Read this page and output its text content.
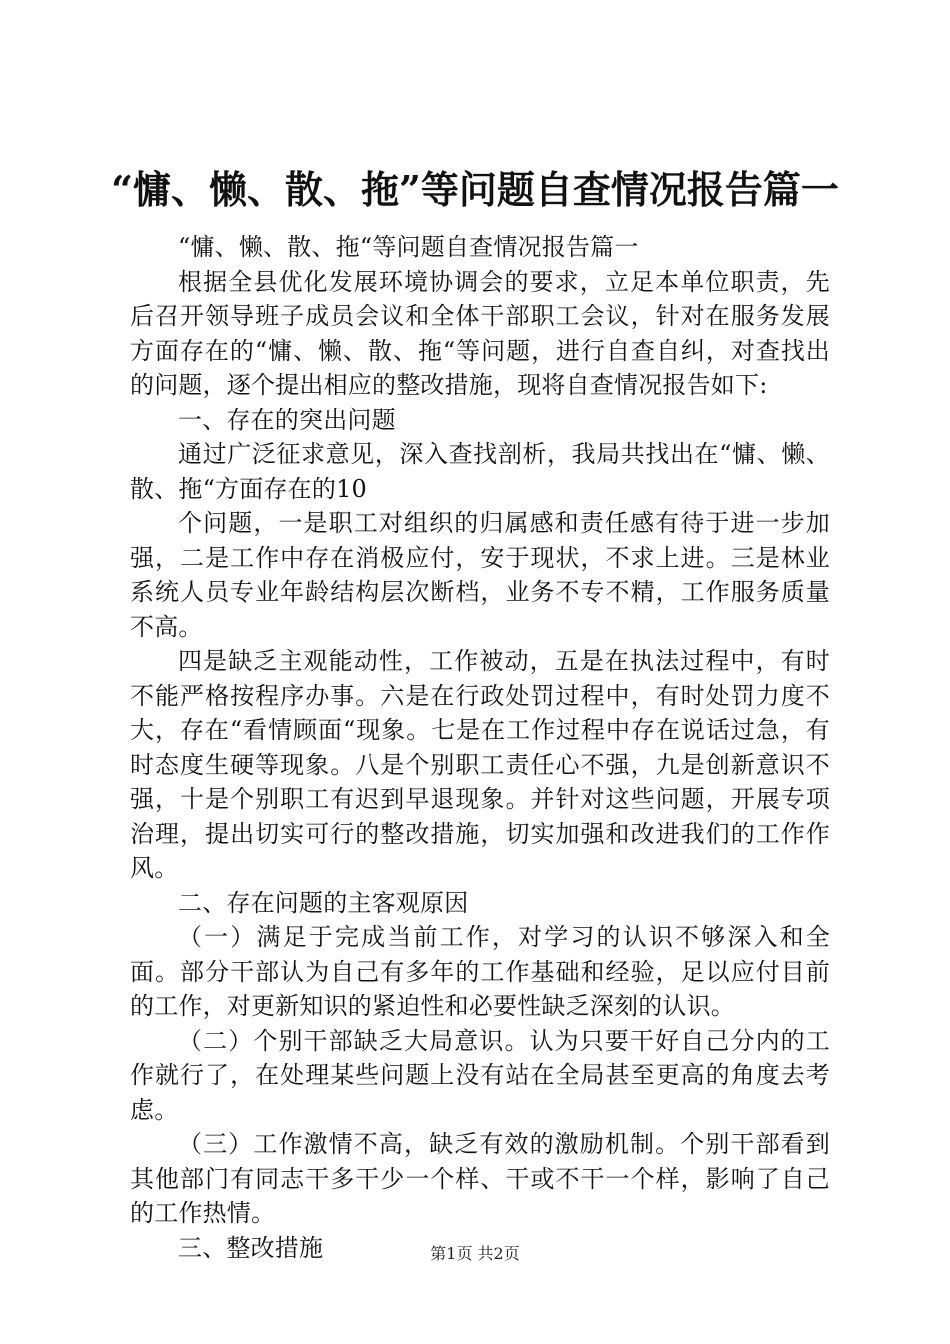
“慵、懒、散、拖”等问题自查情况报告篇一

“慵、懒、散、拖“等问题自查情况报告篇一

根据全县优化发展环境协调会的要求，立足本单位职责，先后召开领导班子成员会议和全体干部职工会议，针对在服务发展方面存在的“慵、懒、散、拖“等问题，进行自查自纠，对查找出的问题，逐个提出相应的整改措施，现将自查情况报告如下:

一、存在的突出问题

通过广泛征求意见，深入查找剖析，我局共找出在“慵、懒、散、拖“方面存在的10

个问题，一是职工对组织的归属感和责任感有待于进一步加强，二是工作中存在消极应付，安于现状，不求上进。三是林业系统人员专业年龄结构层次断档，业务不专不精，工作服务质量不高。

四是缺乏主观能动性，工作被动，五是在执法过程中，有时不能严格按程序办事。六是在行政处罚过程中，有时处罚力度不大，存在“看情顾面“现象。七是在工作过程中存在说话过急，有时态度生硬等现象。八是个别职工责任心不强，九是创新意识不强，十是个别职工有迟到早退现象。并针对这些问题，开展专项治理，提出切实可行的整改措施，切实加强和改进我们的工作作风。

二、存在问题的主客观原因

（一）满足于完成当前工作，对学习的认识不够深入和全面。部分干部认为自己有多年的工作基础和经验，足以应付目前的工作，对更新知识的紧迫性和必要性缺乏深刻的认识。

（二）个别干部缺乏大局意识。认为只要干好自己分内的工作就行了，在处理某些问题上没有站在全局甚至更高的角度去考虑。

（三）工作激情不高，缺乏有效的激励机制。个别干部看到其他部门有同志干多干少一个样、干或不干一个样，影响了自己的工作热情。

三、整改措施	第1页 共2页
